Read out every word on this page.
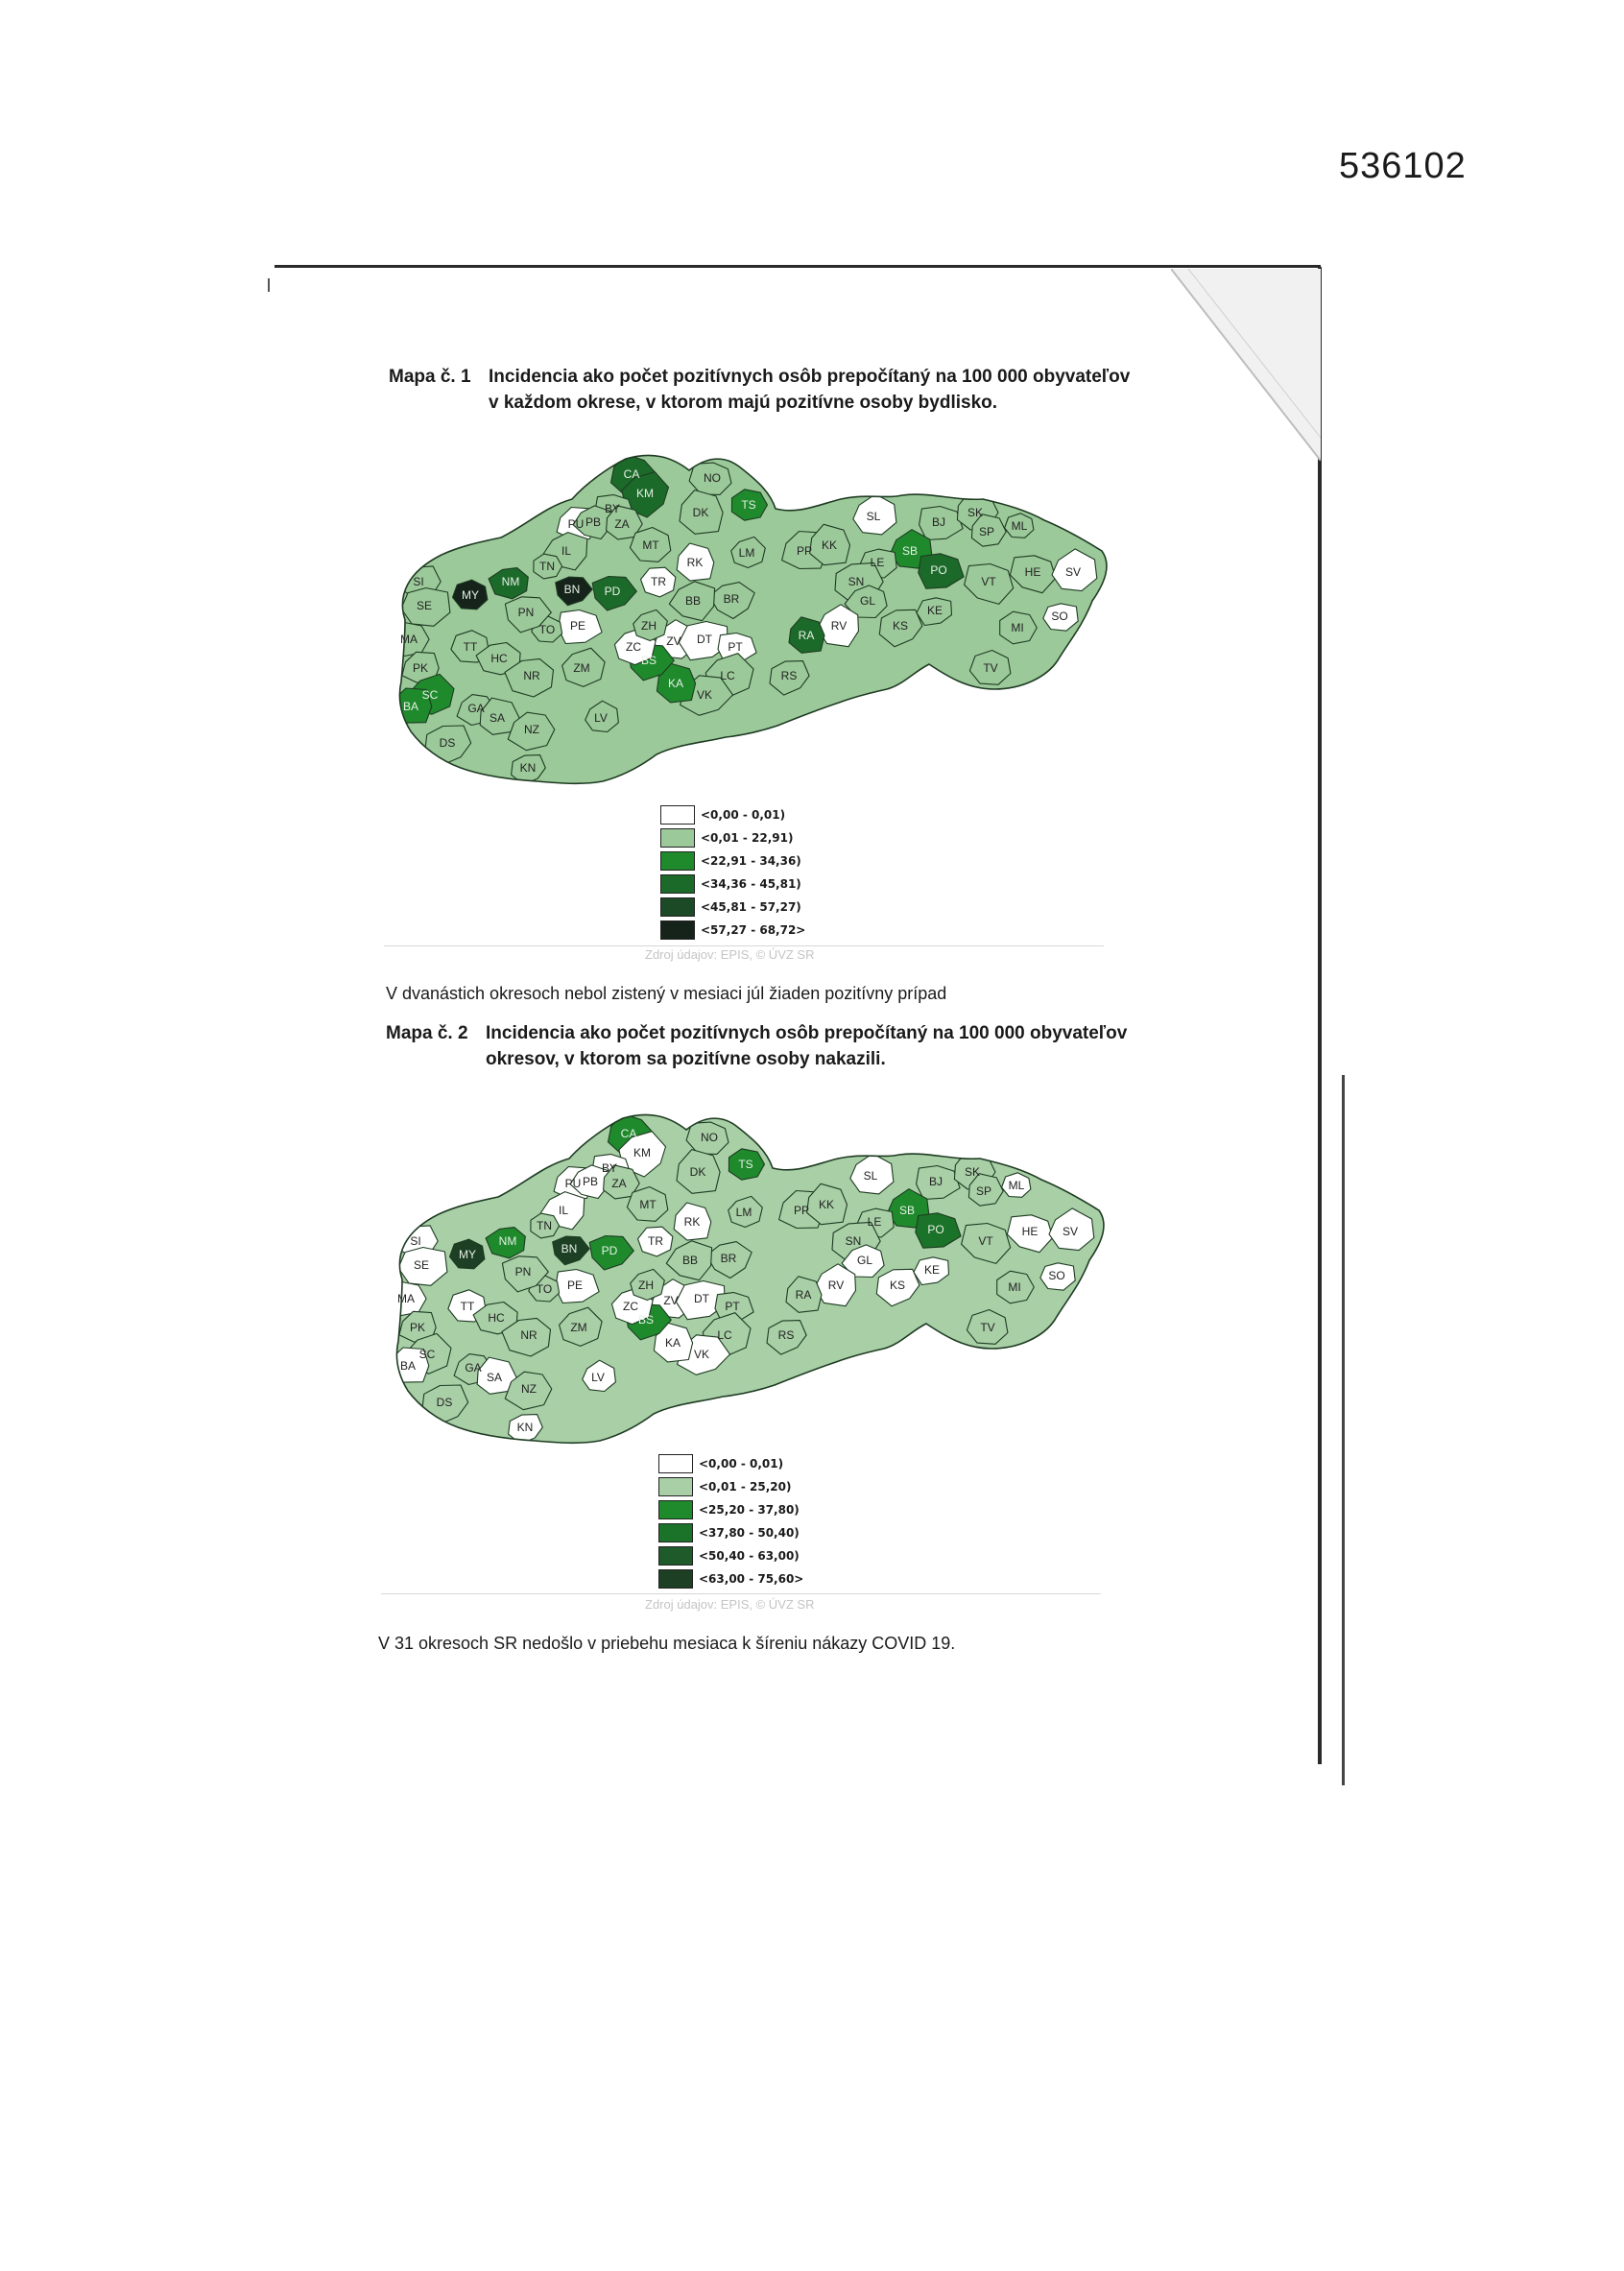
536102
Mapa č. 1 Incidencia ako počet pozitívnych osôb prepočítaný na 100 000 obyvateľov
v každom okrese, v ktorom majú pozitívne osoby bydlisko.
CA
KM
NO
TS
DK
BY
PU PB ZA
IL	MT
RK
LM	PP KK
SL	BJ
SK
SP ML
SB
PO
LE
HE SV
VT
SN
GL
KE
KS
RV
SO
MI
TV
RA
RS
BR
BB
ZV DT
PT
LC
VK
KA
BS
ZC
ZH
TR
PD
BN
PE
TO
PN
NM
MY
TN
SI
SE
MA
PK
TT
HC
NR
ZM
LV
SC
BA	GA
SA
NZ
DS
KN
<0,00 - 0,01)
<0,01 - 22,91)
<22,91 - 34,36)
<34,36 - 45,81)
<45,81 - 57,27)
<57,27 - 68,72>
Zdroj údajov: EPIS, © ÚVZ SR
V dvanástich okresoch nebol zistený v mesiaci júl žiaden pozitívny prípad
Mapa č. 2 Incidencia ako počet pozitívnych osôb prepočítaný na 100 000 obyvateľov
okresov, v ktorom sa pozitívne osoby nakazili.
CA
KM
NO
TS
DK
BY
PU PB ZA
IL	MT
RK
LM	PP KK
SL	BJ
SK
SP ML
SB
PO
LE
HE SV
VT
SN
GL
KE
KS
RV
SO
MI
TV
RA
RS
BR
BB
ZV DT
PT
LC
VK
KA
BS
ZC
ZH
TR
PD
BN
PE
TO
PN
NM
MY
TN
SI
SE
MA
PK
TT
HC
NR
ZM
LV
SC
BA	GA
SA
NZ
DS
KN
<0,00 - 0,01)
<0,01 - 25,20)
<25,20 - 37,80)
<37,80 - 50,40)
<50,40 - 63,00)
<63,00 - 75,60>
Zdroj údajov: EPIS, © ÚVZ SR
V 31 okresoch SR nedošlo v priebehu mesiaca k šíreniu nákazy COVID 19.
